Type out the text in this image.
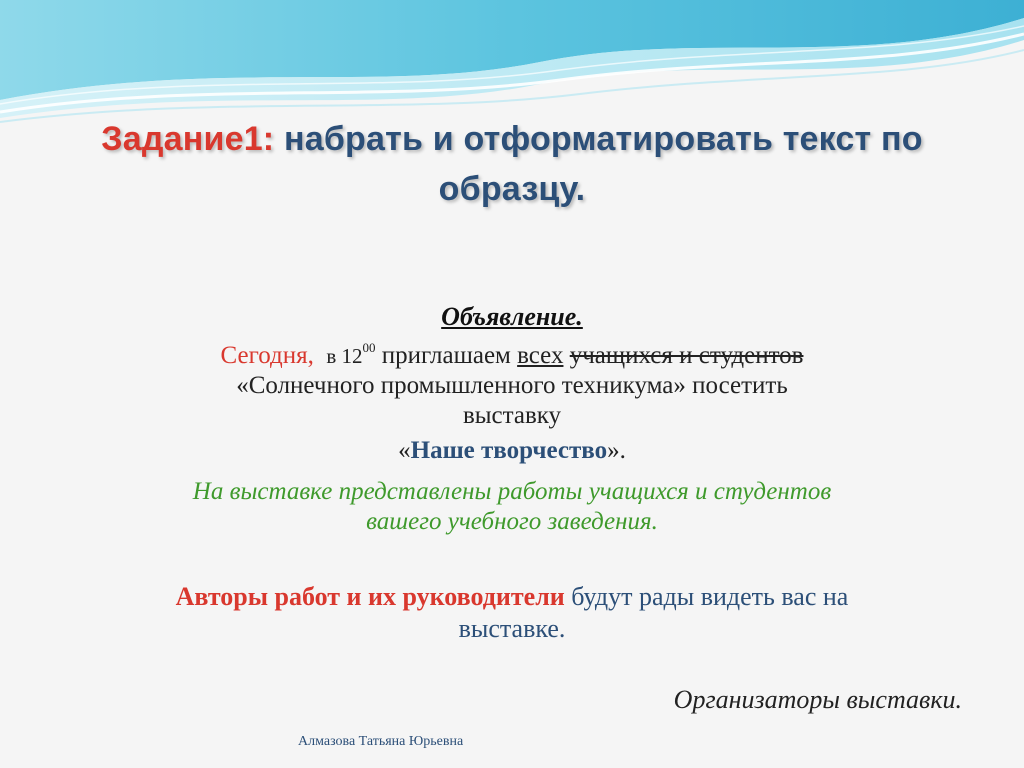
Задание1: набрать и отформатировать текст по
образцу.
Объявление.
Сегодня, в $12^{00}$ приглашаем всех учащихся и студентов
«Солнечного промышленного техникума» посетить
выставку
«Наше творчество».
На выставке представлены работы учащихся и студентов
вашего учебного заведения.
Авторы работ и их руководители будут рады видеть вас на
выставке.
Организаторы выставки.
Алмазова Татьяна Юрьевна
